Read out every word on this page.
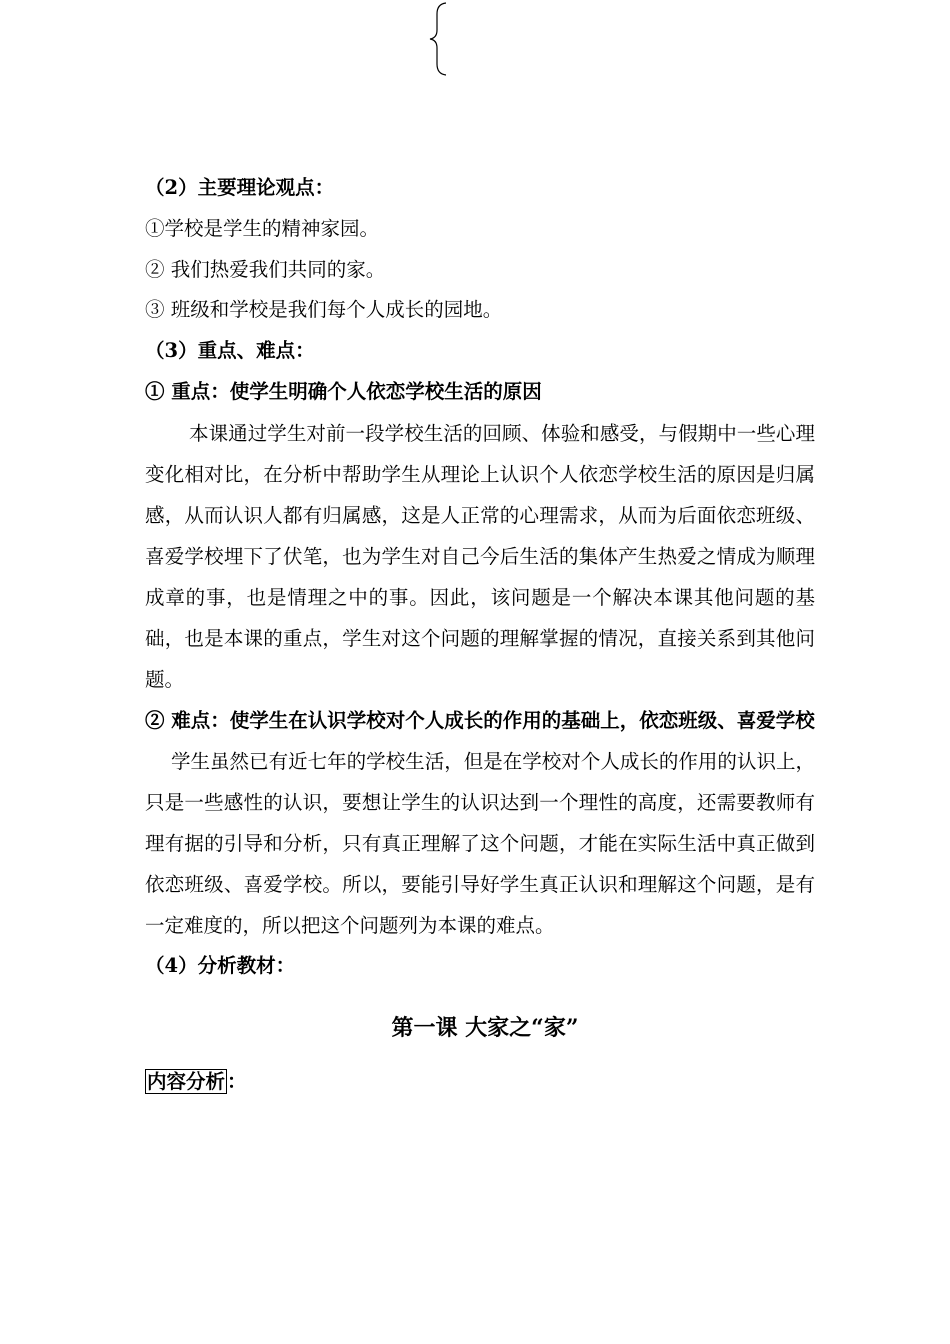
（2）主要理论观点：
①学校是学生的精神家园。
② 我们热爱我们共同的家。
③ 班级和学校是我们每个人成长的园地。
（3）重点、难点：
① 重点：使学生明确个人依恋学校生活的原因

本课通过学生对前一段学校生活的回顾、体验和感受，与假期中一些心理变化相对比，在分析中帮助学生从理论上认识个人依恋学校生活的原因是归属感，从而认识人都有归属感，这是人正常的心理需求，从而为后面依恋班级、喜爱学校埋下了伏笔，也为学生对自己今后生活的集体产生热爱之情成为顺理成章的事，也是情理之中的事。因此，该问题是一个解决本课其他问题的基础，也是本课的重点，学生对这个问题的理解掌握的情况，直接关系到其他问题。

② 难点：使学生在认识学校对个人成长的作用的基础上，依恋班级、喜爱学校

学生虽然已有近七年的学校生活，但是在学校对个人成长的作用的认识上，只是一些感性的认识，要想让学生的认识达到一个理性的高度，还需要教师有理有据的引导和分析，只有真正理解了这个问题，才能在实际生活中真正做到依恋班级、喜爱学校。所以，要能引导好学生真正认识和理解这个问题，是有一定难度的，所以把这个问题列为本课的难点。

（4）分析教材：
第一课 大家之“家”
内容分析 ：
